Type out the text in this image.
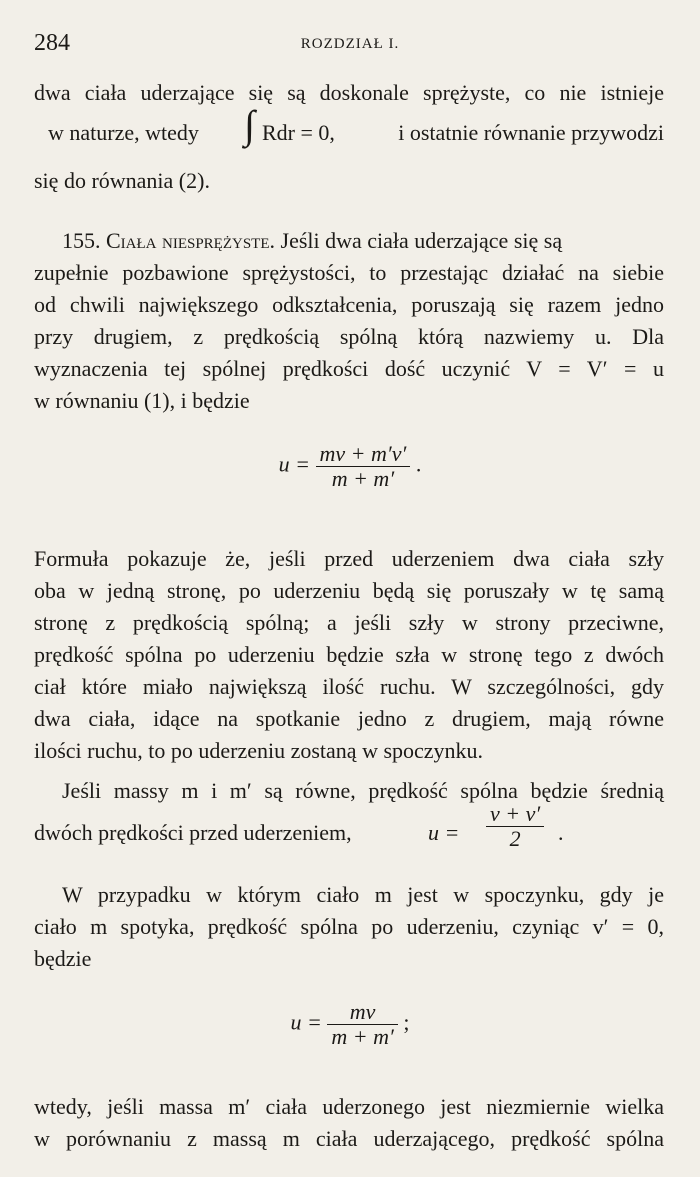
284	ROZDZIAŁ I.
dwa ciała uderzające się są doskonale sprężyste, co nie istnieje
w naturze, wtedy ∫ Rdr = 0,	i ostatnie równanie przywodzi
się do równania (2).
155. Ciała niesprężyste. Jeśli dwa ciała uderzające się są
zupełnie pozbawione sprężystości, to przestając działać na siebie
od chwili największego odkształcenia, poruszają się razem jedno
przy drugiem, z prędkością spólną którą nazwiemy u. Dla
wyznaczenia tej spólnej prędkości dość uczynić V = V′ = u
w równaniu (1), i będzie
$u = \frac{mv + m'v'}{m + m'}$ .
Formuła pokazuje że, jeśli przed uderzeniem dwa ciała szły
oba w jedną stronę, po uderzeniu będą się poruszały w tę samą
stronę z prędkością spólną; a jeśli szły w strony przeciwne,
prędkość spólna po uderzeniu będzie szła w stronę tego z dwóch
ciał które miało największą ilość ruchu. W szczególności, gdy
dwa ciała, idące na spotkanie jedno z drugiem, mają równe
ilości ruchu, to po uderzeniu zostaną w spoczynku.
Jeśli massy m i m′ są równe, prędkość spólna będzie średnią
dwóch prędkości przed uderzeniem,	$u = \frac{v + v'}{2}$ .
W przypadku w którym ciało m jest w spoczynku, gdy je
ciało m spotyka, prędkość spólna po uderzeniu, czyniąc v′ = 0,
będzie
$u = \frac{mv}{m + m'}$ ;
wtedy, jeśli massa m′ ciała uderzonego jest niezmiernie wielka
w porównaniu z massą m ciała uderzającego, prędkość spólna
